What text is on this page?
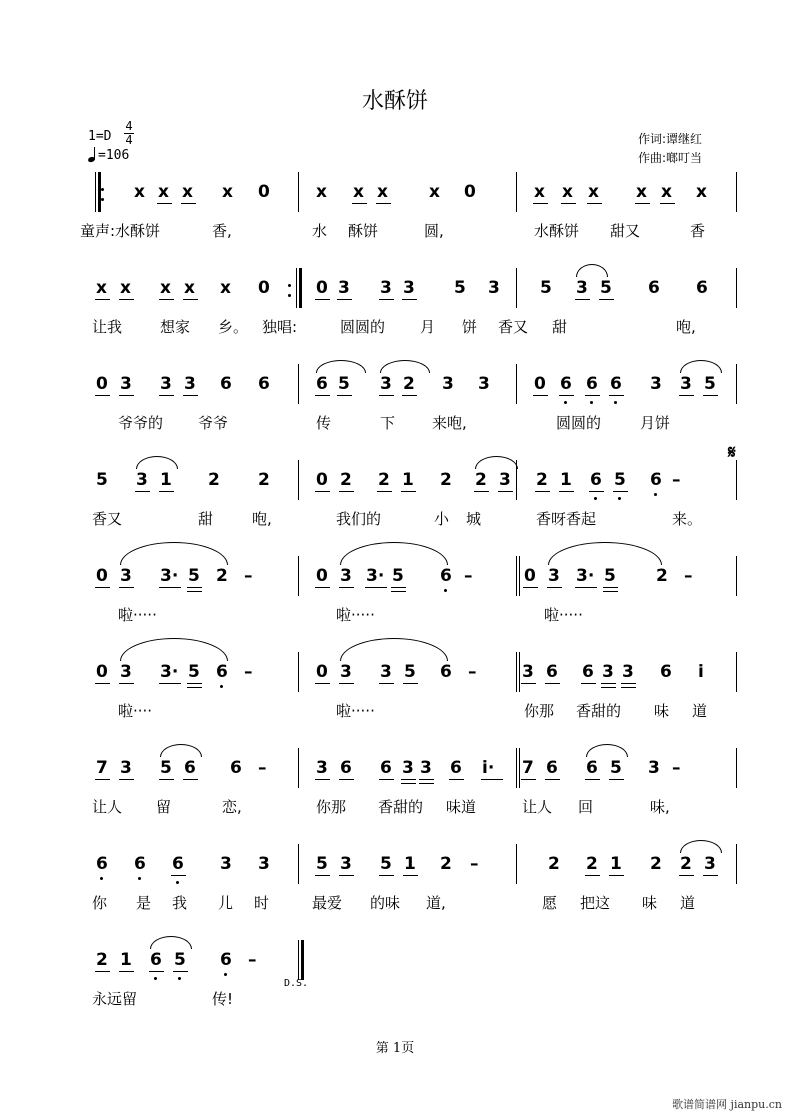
水酥饼
1=D
4
4
=106
作词:谭继红
作曲:啷叮当
𝄋
x x x x 0	x x x x 0	x x x x x x
童声:水酥饼	香,	水 酥饼	圆,	水酥饼 甜又	香
x x x x x 0	0 3 3 3 5 3 5 3 5 6 6
让我	想家 乡。 独唱:	圆圆的 月 饼 香又 甜	咆,
0 3 3 3 6 6	6 5 3 2 3 3	0 6 6 6 3 3 5
爷爷的 爷爷	传	下 来咆,	圆圆的	月饼
5 3 1 2 2	0 2 2 1 2 2 3 2 1 6 5 6 –
香又	甜	咆,	我们的	小 城	香呀香起	来。
0 3 3· 5 2 –	0 3 3· 5 6 –	0 3 3· 5 2 –
啦·····	啦·····	啦·····
0 3 3· 5 6 –	0 3 3 5 6 –	3 6 6 3 3 6 i̇
啦····	啦·····	你那 香甜的 味 道
7 3 5 6 6 –	3 6 6 3 3 6 i̇· 7 6 6 5 3 –
让人 留	恋,	你那 香甜的 味道	让人 回	味,
6 6 6 3 3	5 3 5 1 2 –	2 2 1 2 2 3
你 是 我 儿 时	最爱 的味 道,	愿 把这 味 道
2 1 6 5 6 –
永远留	传!
D.S.
第 1页
歌谱简谱网 jianpu.cn
